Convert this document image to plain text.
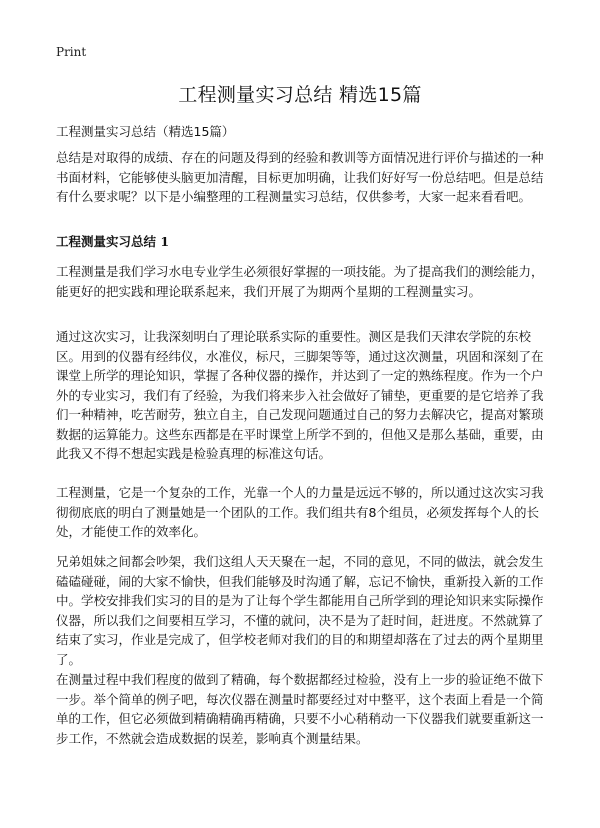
Print
工程测量实习总结 精选15篇
工程测量实习总结（精选15篇）

总结是对取得的成绩、存在的问题及得到的经验和教训等方面情况进行评价与描述的一种书面材料，它能够使头脑更加清醒，目标更加明确，让我们好好写一份总结吧。但是总结有什么要求呢？以下是小编整理的工程测量实习总结，仅供参考，大家一起来看看吧。

工程测量实习总结 1

工程测量是我们学习水电专业学生必须很好掌握的一项技能。为了提高我们的测绘能力，能更好的把实践和理论联系起来，我们开展了为期两个星期的工程测量实习。

通过这次实习，让我深刻明白了理论联系实际的重要性。测区是我们天津农学院的东校区。用到的仪器有经纬仪，水准仪，标尺，三脚架等等，通过这次测量，巩固和深刻了在课堂上所学的理论知识，掌握了各种仪器的操作，并达到了一定的熟练程度。作为一个户外的专业实习，我们有了经验，为我们将来步入社会做好了铺垫，更重要的是它培养了我们一种精神，吃苦耐劳，独立自主，自己发现问题通过自己的努力去解决它，提高对繁琐数据的运算能力。这些东西都是在平时课堂上所学不到的，但他又是那么基础，重要，由此我又不得不想起实践是检验真理的标准这句话。

工程测量，它是一个复杂的工作，光靠一个人的力量是远远不够的，所以通过这次实习我彻彻底底的明白了测量她是一个团队的工作。我们组共有8个组员，必须发挥每个人的长处，才能使工作的效率化。

兄弟姐妹之间都会吵架，我们这组人天天聚在一起，不同的意见，不同的做法，就会发生磕磕碰碰，闹的大家不愉快，但我们能够及时沟通了解，忘记不愉快，重新投入新的工作中。学校安排我们实习的目的是为了让每个学生都能用自己所学到的理论知识来实际操作仪器，所以我们之间要相互学习，不懂的就问，决不是为了赶时间，赶进度。不然就算了结束了实习，作业是完成了，但学校老师对我们的目的和期望却落在了过去的两个星期里了。

在测量过程中我们程度的做到了精确，每个数据都经过检验，没有上一步的验证绝不做下一步。举个简单的例子吧，每次仪器在测量时都要经过对中整平，这个表面上看是一个简单的工作，但它必须做到精确精确再精确，只要不小心稍稍动一下仪器我们就要重新这一步工作，不然就会造成数据的误差，影响真个测量结果。
